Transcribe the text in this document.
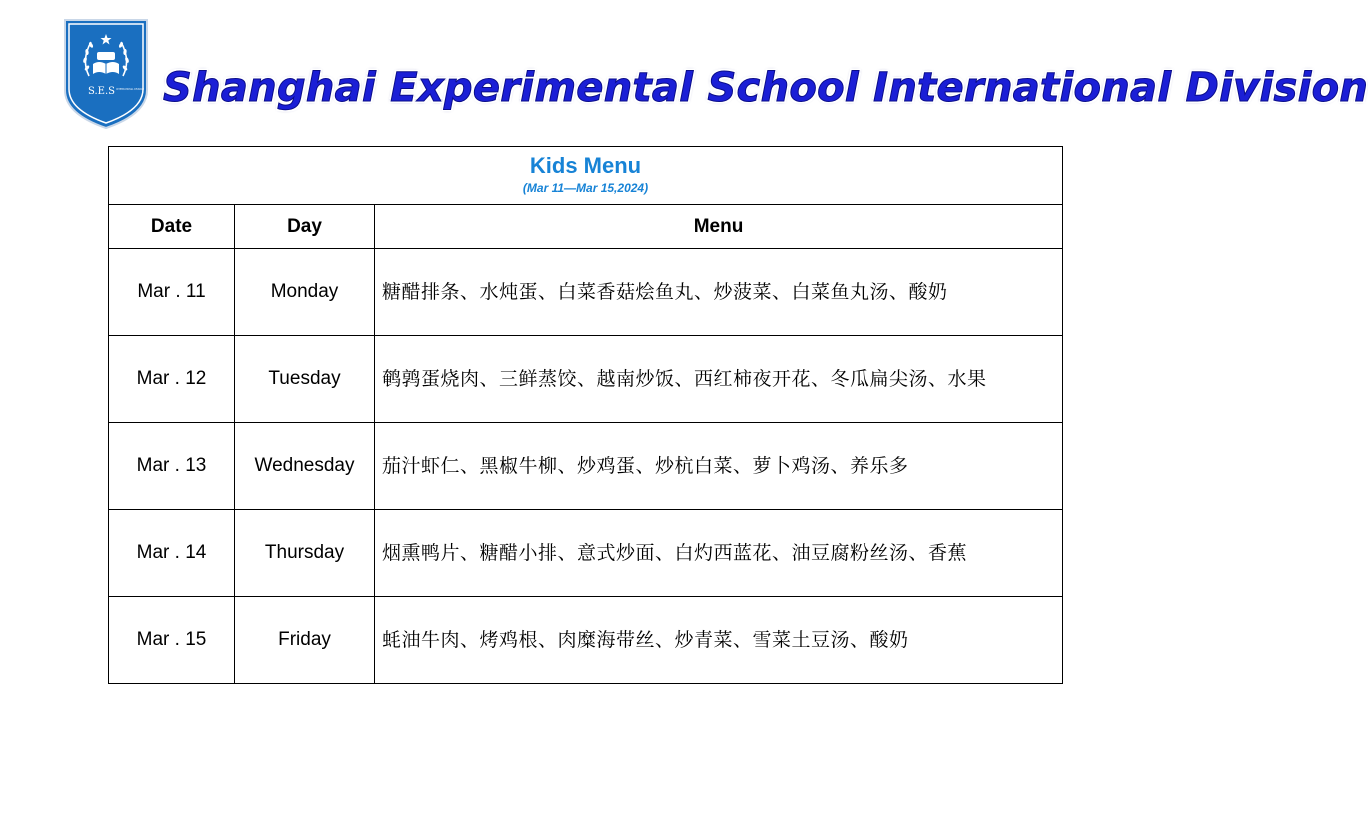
S.E.S INTERNATIONAL DIVISION Shanghai Experimental School International Division
Kids Menu
(Mar 11—Mar 15,2024)		

Date	Day	Menu
Mar . 11	Monday	糖醋排条、水炖蛋、白菜香菇烩鱼丸、炒菠菜、白菜鱼丸汤、酸奶
Mar . 12	Tuesday	鹌鹑蛋烧肉、三鲜蒸饺、越南炒饭、西红柿夜开花、冬瓜扁尖汤、水果
Mar . 13	Wednesday	茄汁虾仁、黑椒牛柳、炒鸡蛋、炒杭白菜、萝卜鸡汤、养乐多
Mar . 14	Thursday	烟熏鸭片、糖醋小排、意式炒面、白灼西蓝花、油豆腐粉丝汤、香蕉
Mar . 15	Friday	蚝油牛肉、烤鸡根、肉糜海带丝、炒青菜、雪菜土豆汤、酸奶
